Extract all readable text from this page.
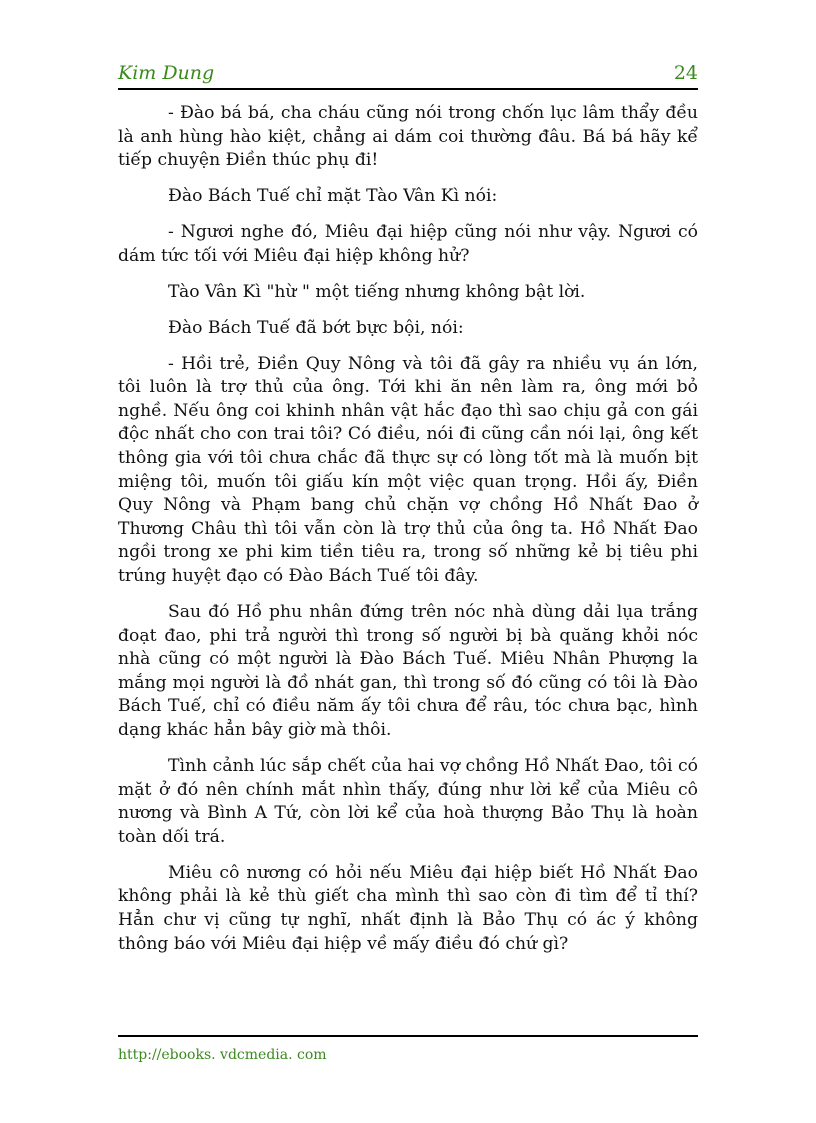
Kim Dung	24

- Đào bá bá, cha cháu cũng nói trong chốn lục lâm thẩy đều là anh hùng hào kiệt, chẳng ai dám coi thường đâu. Bá bá hãy kể tiếp chuyện Điền thúc phụ đi!

Đào Bách Tuế chỉ mặt Tào Vân Kì nói:

- Ngươi nghe đó, Miêu đại hiệp cũng nói như vậy. Ngươi có dám tức tối với Miêu đại hiệp không hử?

Tào Vân Kì "hừ " một tiếng nhưng không bật lời.

Đào Bách Tuế đã bớt bực bội, nói:

- Hồi trẻ, Điền Quy Nông và tôi đã gây ra nhiều vụ án lớn, tôi luôn là trợ thủ của ông. Tới khi ăn nên làm ra, ông mới bỏ nghề. Nếu ông coi khinh nhân vật hắc đạo thì sao chịu gả con gái độc nhất cho con trai tôi? Có điều, nói đi cũng cần nói lại, ông kết thông gia với tôi chưa chắc đã thực sự có lòng tốt mà là muốn bịt miệng tôi, muốn tôi giấu kín một việc quan trọng. Hồi ấy, Điền Quy Nông và Phạm bang chủ chặn vợ chồng Hồ Nhất Đao ở Thương Châu thì tôi vẫn còn là trợ thủ của ông ta. Hồ Nhất Đao ngồi trong xe phi kim tiền tiêu ra, trong số những kẻ bị tiêu phi trúng huyệt đạo có Đào Bách Tuế tôi đây.

Sau đó Hồ phu nhân đứng trên nóc nhà dùng dải lụa trắng đoạt đao, phi trả người thì trong số người bị bà quăng khỏi nóc nhà cũng có một người là Đào Bách Tuế. Miêu Nhân Phượng la mắng mọi người là đồ nhát gan, thì trong số đó cũng có tôi là Đào Bách Tuế, chỉ có điều năm ấy tôi chưa để râu, tóc chưa bạc, hình dạng khác hẳn bây giờ mà thôi.

Tình cảnh lúc sắp chết của hai vợ chồng Hồ Nhất Đao, tôi có mặt ở đó nên chính mắt nhìn thấy, đúng như lời kể của Miêu cô nương và Bình A Tứ, còn lời kể của hoà thượng Bảo Thụ là hoàn toàn dối trá.

Miêu cô nương có hỏi nếu Miêu đại hiệp biết Hồ Nhất Đao không phải là kẻ thù giết cha mình thì sao còn đi tìm để tỉ thí? Hẳn chư vị cũng tự nghĩ, nhất định là Bảo Thụ có ác ý không thông báo với Miêu đại hiệp về mấy điều đó chứ gì?

http://ebooks. vdcmedia. com
